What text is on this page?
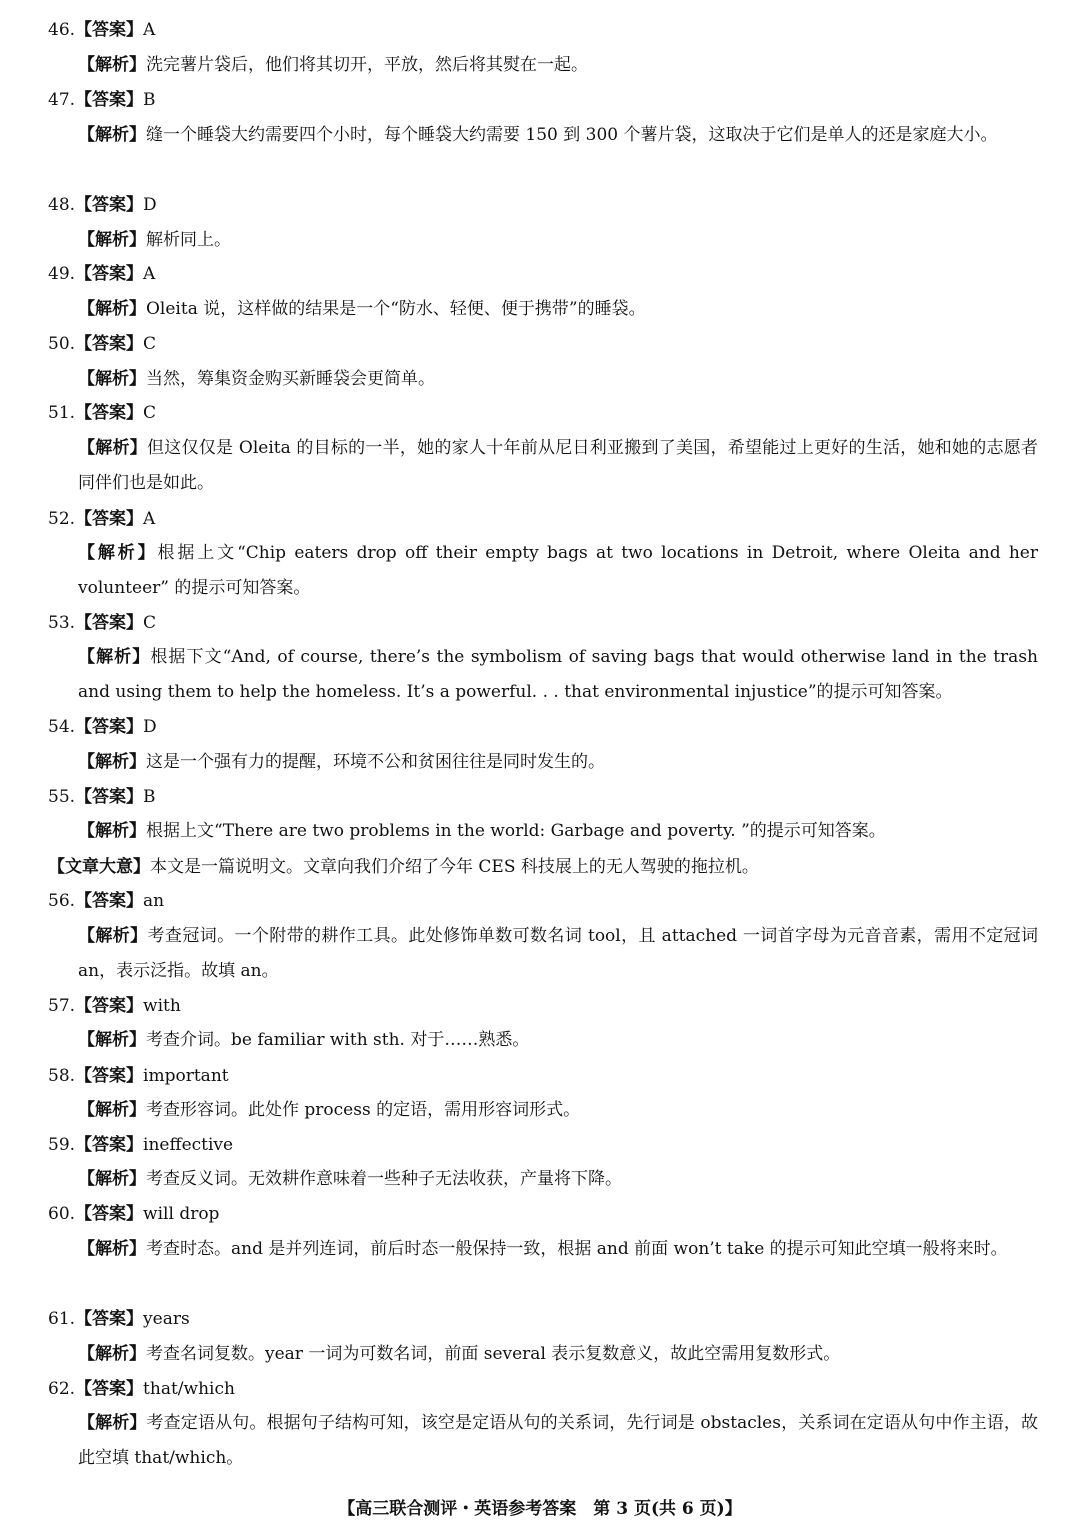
46.【答案】A
【解析】洗完薯片袋后，他们将其切开，平放，然后将其熨在一起。
47.【答案】B
【解析】缝一个睡袋大约需要四个小时，每个睡袋大约需要 150 到 300 个薯片袋，这取决于它们是单人的还是家庭大小。
48.【答案】D
【解析】解析同上。
49.【答案】A
【解析】Oleita 说，这样做的结果是一个“防水、轻便、便于携带”的睡袋。
50.【答案】C
【解析】当然，筹集资金购买新睡袋会更简单。
51.【答案】C
【解析】但这仅仅是 Oleita 的目标的一半，她的家人十年前从尼日利亚搬到了美国，希望能过上更好的生活，她和她的志愿者同伴们也是如此。
52.【答案】A
【解析】根据上文“Chip eaters drop off their empty bags at two locations in Detroit, where Oleita and her volunteer” 的提示可知答案。
53.【答案】C
【解析】根据下文“And, of course, there’s the symbolism of saving bags that would otherwise land in the trash and using them to help the homeless. It’s a powerful. . . that environmental injustice”的提示可知答案。
54.【答案】D
【解析】这是一个强有力的提醒，环境不公和贫困往往是同时发生的。
55.【答案】B
【解析】根据上文“There are two problems in the world: Garbage and poverty. ”的提示可知答案。
【文章大意】本文是一篇说明文。文章向我们介绍了今年 CES 科技展上的无人驾驶的拖拉机。
56.【答案】an
【解析】考查冠词。一个附带的耕作工具。此处修饰单数可数名词 tool，且 attached 一词首字母为元音音素，需用不定冠词 an，表示泛指。故填 an。
57.【答案】with
【解析】考查介词。be familiar with sth. 对于……熟悉。
58.【答案】important
【解析】考查形容词。此处作 process 的定语，需用形容词形式。
59.【答案】ineffective
【解析】考查反义词。无效耕作意味着一些种子无法收获，产量将下降。
60.【答案】will drop
【解析】考查时态。and 是并列连词，前后时态一般保持一致，根据 and 前面 won’t take 的提示可知此空填一般将来时。
61.【答案】years
【解析】考查名词复数。year 一词为可数名词，前面 several 表示复数意义，故此空需用复数形式。
62.【答案】that/which
【解析】考查定语从句。根据句子结构可知，该空是定语从句的关系词，先行词是 obstacles，关系词在定语从句中作主语，故此空填 that/which。
【高三联合测评・英语参考答案　第 3 页(共 6 页)】
